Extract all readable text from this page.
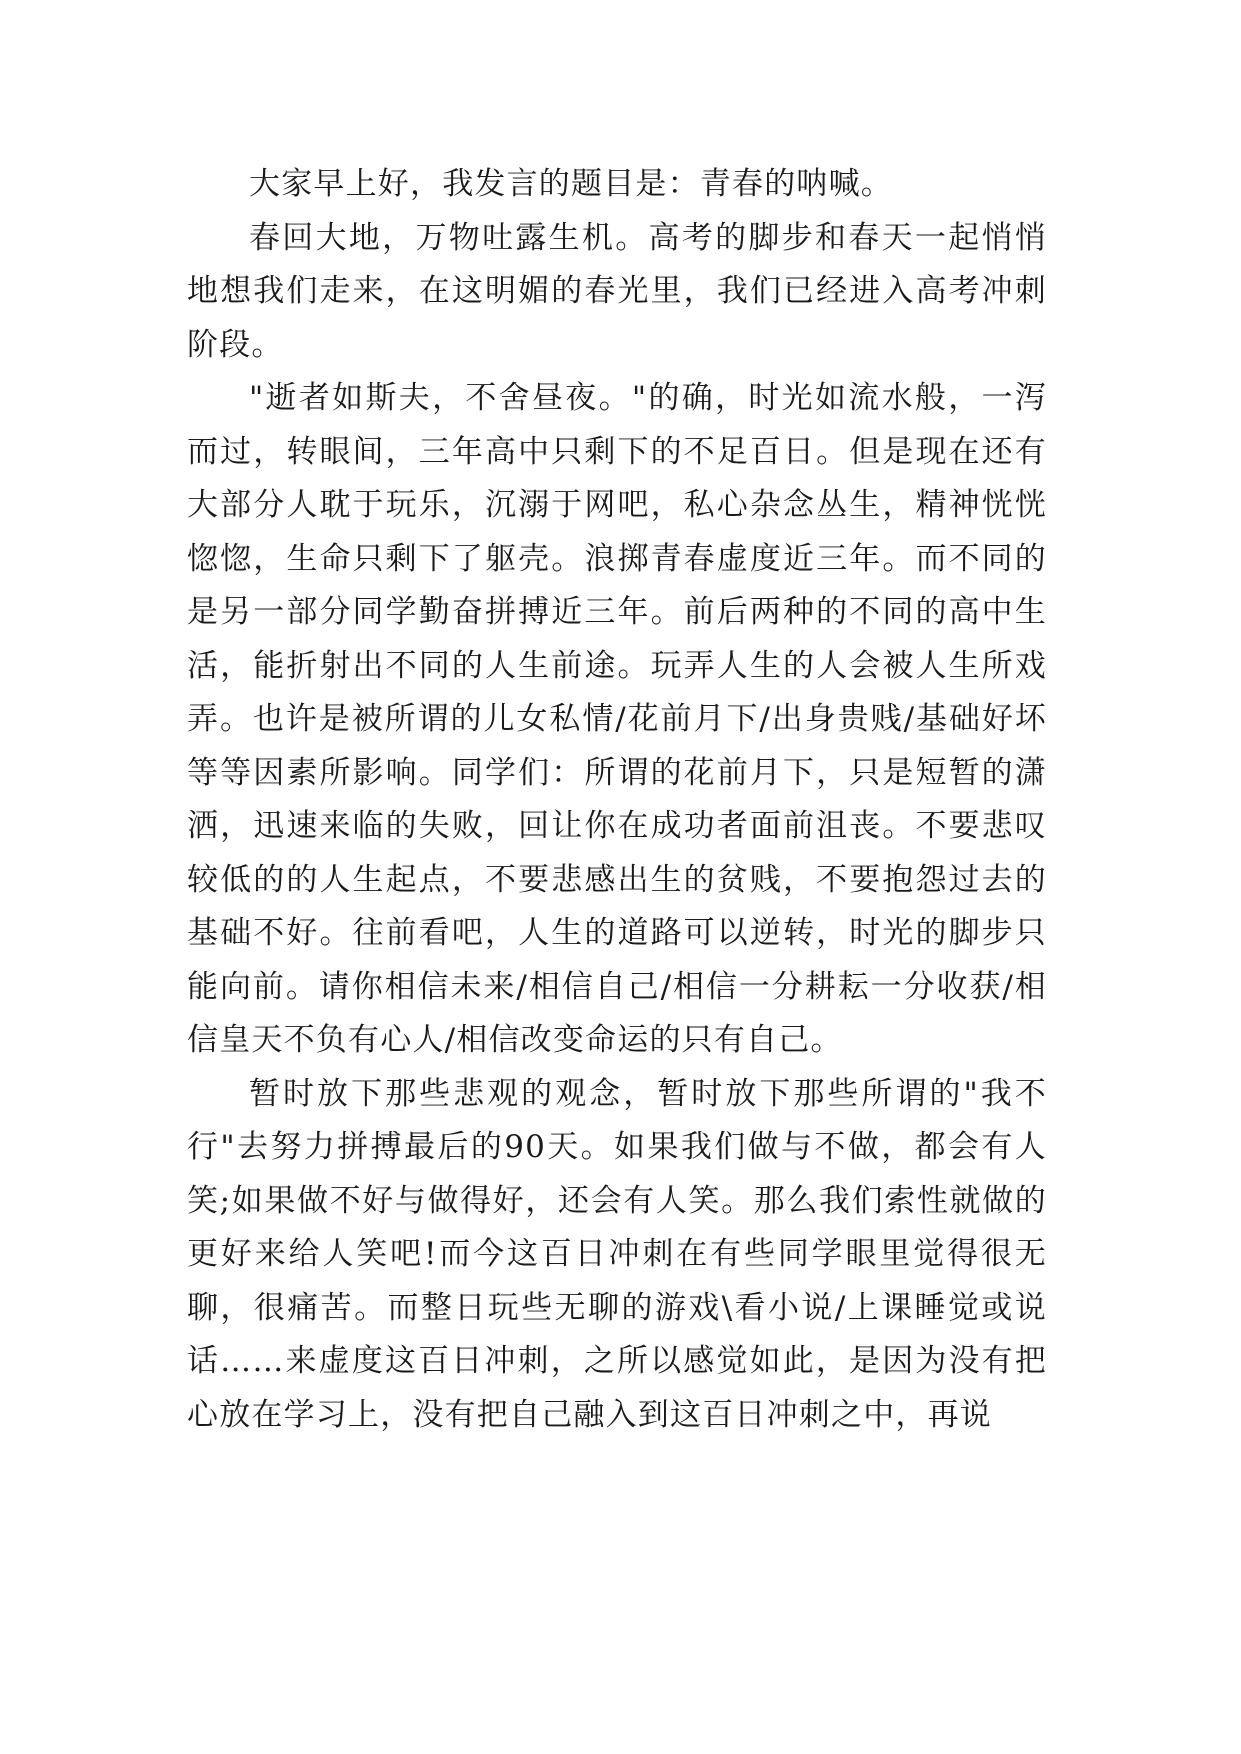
大家早上好，我发言的题目是：青春的呐喊。

春回大地，万物吐露生机。高考的脚步和春天一起悄悄地想我们走来，在这明媚的春光里，我们已经进入高考冲刺阶段。

"逝者如斯夫，不舍昼夜。"的确，时光如流水般，一泻而过，转眼间，三年高中只剩下的不足百日。但是现在还有大部分人耽于玩乐，沉溺于网吧，私心杂念丛生，精神恍恍惚惚，生命只剩下了躯壳。浪掷青春虚度近三年。而不同的是另一部分同学勤奋拼搏近三年。前后两种的不同的高中生活，能折射出不同的人生前途。玩弄人生的人会被人生所戏弄。也许是被所谓的儿女私情/花前月下/出身贵贱/基础好坏等等因素所影响。同学们：所谓的花前月下，只是短暂的潇洒，迅速来临的失败，回让你在成功者面前沮丧。不要悲叹较低的的人生起点，不要悲感出生的贫贱，不要抱怨过去的基础不好。往前看吧，人生的道路可以逆转，时光的脚步只能向前。请你相信未来/相信自己/相信一分耕耘一分收获/相信皇天不负有心人/相信改变命运的只有自己。

暂时放下那些悲观的观念，暂时放下那些所谓的"我不行"去努力拼搏最后的90天。如果我们做与不做，都会有人笑;如果做不好与做得好，还会有人笑。那么我们索性就做的更好来给人笑吧!而今这百日冲刺在有些同学眼里觉得很无聊，很痛苦。而整日玩些无聊的游戏\看小说/上课睡觉或说话……来虚度这百日冲刺，之所以感觉如此，是因为没有把心放在学习上，没有把自己融入到这百日冲刺之中，再说
